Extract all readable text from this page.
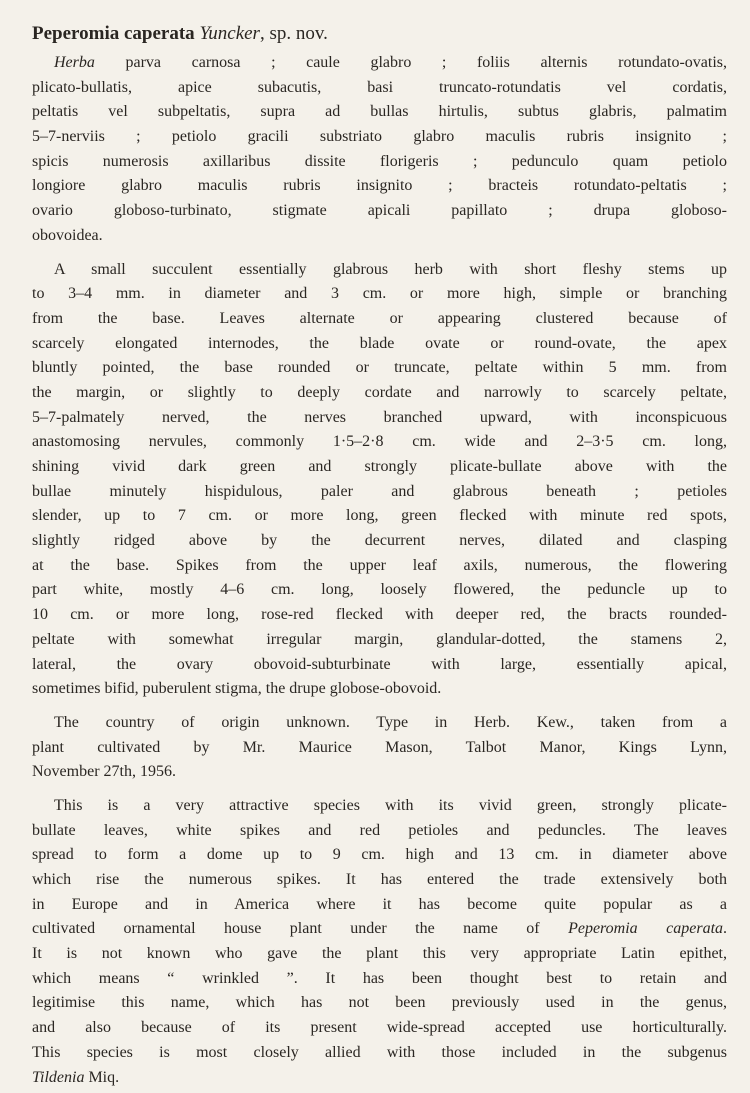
Peperomia caperata Yuncker, sp. nov.
Herba parva carnosa ; caule glabro ; foliis alternis rotundato-ovatis,
plicato-bullatis, apice subacutis, basi truncato-rotundatis vel cordatis,
peltatis vel subpeltatis, supra ad bullas hirtulis, subtus glabris, palmatim
5–7-nerviis ; petiolo gracili substriato glabro maculis rubris insignito ;
spicis numerosis axillaribus dissite florigeris ; pedunculo quam petiolo
longiore glabro maculis rubris insignito ; bracteis rotundato-peltatis ;
ovario globoso-turbinato, stigmate apicali papillato ; drupa globoso-
obovoidea.
A small succulent essentially glabrous herb with short fleshy stems up
to 3–4 mm. in diameter and 3 cm. or more high, simple or branching
from the base. Leaves alternate or appearing clustered because of
scarcely elongated internodes, the blade ovate or round-ovate, the apex
bluntly pointed, the base rounded or truncate, peltate within 5 mm. from
the margin, or slightly to deeply cordate and narrowly to scarcely peltate,
5–7-palmately nerved, the nerves branched upward, with inconspicuous
anastomosing nervules, commonly 1·5–2·8 cm. wide and 2–3·5 cm. long,
shining vivid dark green and strongly plicate-bullate above with the
bullae minutely hispidulous, paler and glabrous beneath ; petioles
slender, up to 7 cm. or more long, green flecked with minute red spots,
slightly ridged above by the decurrent nerves, dilated and clasping
at the base. Spikes from the upper leaf axils, numerous, the flowering
part white, mostly 4–6 cm. long, loosely flowered, the peduncle up to
10 cm. or more long, rose-red flecked with deeper red, the bracts rounded-
peltate with somewhat irregular margin, glandular-dotted, the stamens 2,
lateral, the ovary obovoid-subturbinate with large, essentially apical,
sometimes bifid, puberulent stigma, the drupe globose-obovoid.
The country of origin unknown. Type in Herb. Kew., taken from a
plant cultivated by Mr. Maurice Mason, Talbot Manor, Kings Lynn,
November 27th, 1956.
This is a very attractive species with its vivid green, strongly plicate-
bullate leaves, white spikes and red petioles and peduncles. The leaves
spread to form a dome up to 9 cm. high and 13 cm. in diameter above
which rise the numerous spikes. It has entered the trade extensively both
in Europe and in America where it has become quite popular as a
cultivated ornamental house plant under the name of Peperomia caperata.
It is not known who gave the plant this very appropriate Latin epithet,
which means “ wrinkled ”. It has been thought best to retain and
legitimise this name, which has not been previously used in the genus,
and also because of its present wide-spread accepted use horticulturally.
This species is most closely allied with those included in the subgenus
Tildenia Miq.
